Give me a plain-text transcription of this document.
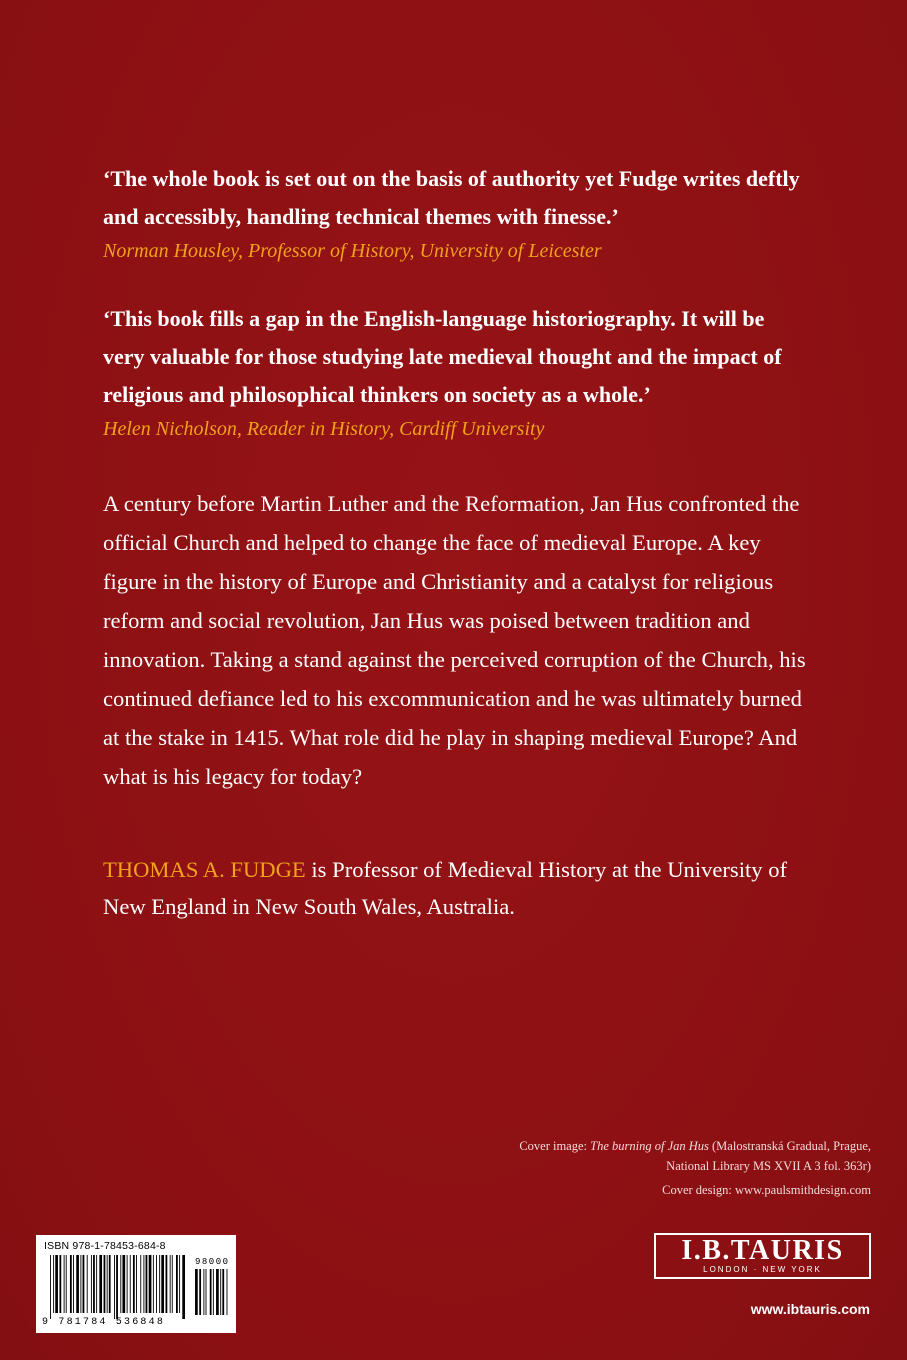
‘The whole book is set out on the basis of authority yet Fudge writes deftly and accessibly, handling technical themes with finesse.’
Norman Housley, Professor of History, University of Leicester
‘This book fills a gap in the English-language historiography. It will be very valuable for those studying late medieval thought and the impact of religious and philosophical thinkers on society as a whole.’
Helen Nicholson, Reader in History, Cardiff University
A century before Martin Luther and the Reformation, Jan Hus confronted the official Church and helped to change the face of medieval Europe. A key figure in the history of Europe and Christianity and a catalyst for religious reform and social revolution, Jan Hus was poised between tradition and innovation. Taking a stand against the perceived corruption of the Church, his continued defiance led to his excommunication and he was ultimately burned at the stake in 1415. What role did he play in shaping medieval Europe? And what is his legacy for today?
THOMAS A. FUDGE is Professor of Medieval History at the University of New England in New South Wales, Australia.
Cover image: The burning of Jan Hus (Malostranská Gradual, Prague, National Library MS XVII A 3 fol. 363r)
Cover design: www.paulsmithdesign.com
ISBN 978-1-78453-684-8
98000
9 781784 536848
I.B.TAURIS
LONDON · NEW YORK
www.ibtauris.com
